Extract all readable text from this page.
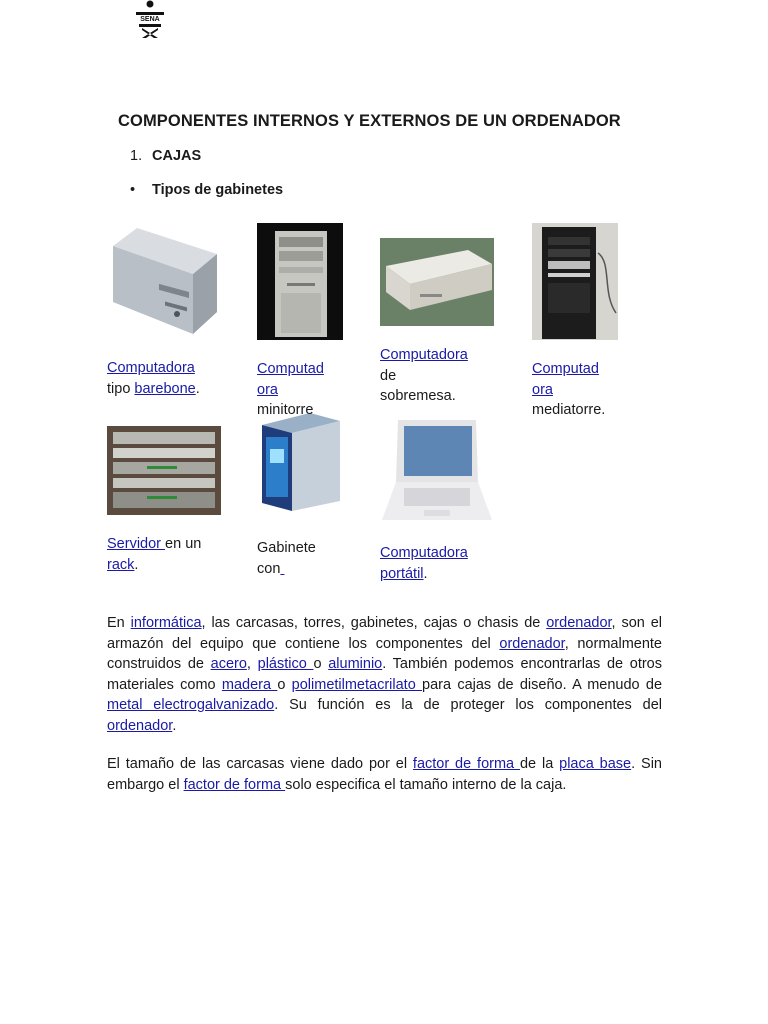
SENA
COMPONENTES INTERNOS Y EXTERNOS DE UN ORDENADOR
1. CAJAS
• Tipos de gabinetes
Computadora
tipo barebone.
Computad
ora
minitorre
Computadora
de
sobremesa.
Computad
ora
mediatorre.
Servidor en un
rack.
Gabinete
con
Computadora
portátil.
En informática, las carcasas, torres, gabinetes, cajas o chasis de ordenador, son el armazón del equipo que contiene los componentes del ordenador, normalmente construidos de acero, plástico o aluminio. También podemos encontrarlas de otros materiales como madera o polimetilmetacrilato para cajas de diseño. A menudo de metal electrogalvanizado. Su función es la de proteger los componentes del ordenador.
El tamaño de las carcasas viene dado por el factor de forma de la placa base. Sin embargo el factor de forma solo especifica el tamaño interno de la caja.
